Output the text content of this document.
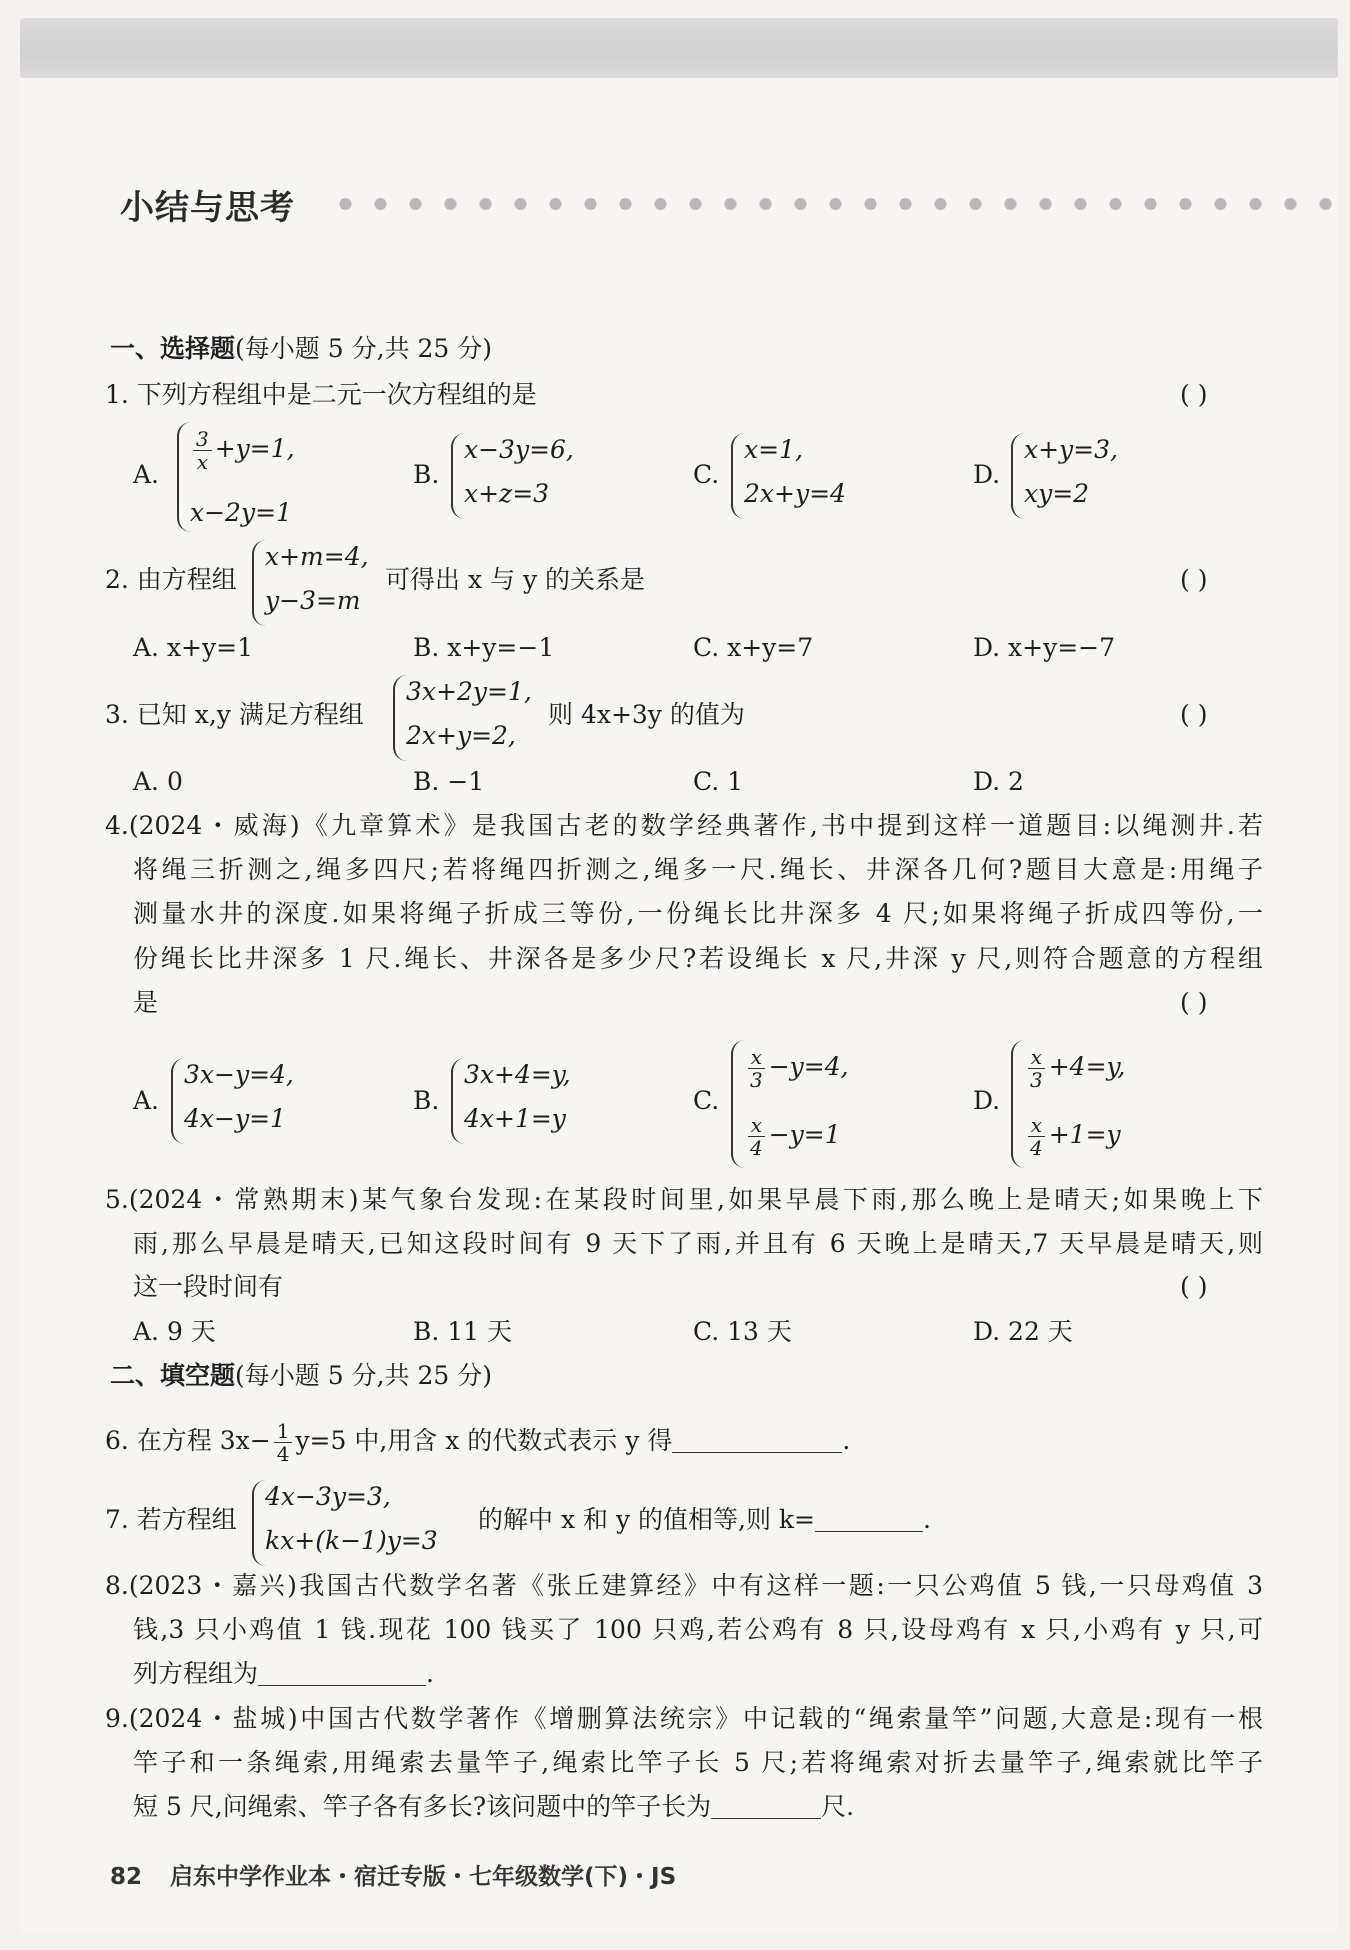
小结与思考
一、选择题(每小题 5 分,共 25 分)
1. 下列方程组中是二元一次方程组的是	( )
A.
$\frac{3}{x} +y=1$,
x−2y=1
B.
x−3y=6,
x+z=3
C.
x=1,
2x+y=4
D.
x+y=3,
xy=2
2. 由方程组
x+m=4,
y−3=m
可得出 x 与 y 的关系是	( )
A. x+y=1	B. x+y=−1	C. x+y=7	D. x+y=−7
3. 已知 x,y 满足方程组
3x+2y=1,
2x+y=2,
则 4x+3y 的值为	( )
A. 0	B. −1	C. 1	D. 2
4.(2024・威海)《九章算术》是我国古老的数学经典著作,书中提到这样一道题目:以绳测井.若
将绳三折测之,绳多四尺;若将绳四折测之,绳多一尺.绳长、井深各几何?题目大意是:用绳子
测量水井的深度.如果将绳子折成三等份,一份绳长比井深多 4 尺;如果将绳子折成四等份,一
份绳长比井深多 1 尺.绳长、井深各是多少尺?若设绳长 x 尺,井深 y 尺,则符合题意的方程组
是	( )
A.
3x−y=4,
4x−y=1
B.
3x+4=y,
4x+1=y
C.
$\frac{x}{3} -y=4$,
$\frac{x}{4} -y=1$
D.
$\frac{x}{3} +4=y$,
$\frac{x}{4} +1=y$
5.(2024・常熟期末)某气象台发现:在某段时间里,如果早晨下雨,那么晚上是晴天;如果晚上下
雨,那么早晨是晴天,已知这段时间有 9 天下了雨,并且有 6 天晚上是晴天,7 天早晨是晴天,则
这一段时间有	( )
A. 9 天	B. 11 天	C. 13 天	D. 22 天
二、填空题(每小题 5 分,共 25 分)
6. 在方程 $3x- \frac{1}{4} y=5$ 中,用含 x 的代数式表示 y 得	.
7. 若方程组
4x−3y=3,
kx+(k−1)y=3
的解中 x 和 y 的值相等,则 k=	.
8.(2023・嘉兴)我国古代数学名著《张丘建算经》中有这样一题:一只公鸡值 5 钱,一只母鸡值 3
钱,3 只小鸡值 1 钱.现花 100 钱买了 100 只鸡,若公鸡有 8 只,设母鸡有 x 只,小鸡有 y 只,可
列方程组为	.
9.(2024・盐城)中国古代数学著作《增删算法统宗》中记载的“绳索量竿”问题,大意是:现有一根
竿子和一条绳索,用绳索去量竿子,绳索比竿子长 5 尺;若将绳索对折去量竿子,绳索就比竿子
短 5 尺,问绳索、竿子各有多长?该问题中的竿子长为	尺.
82 启东中学作业本・宿迁专版・七年级数学(下)・JS
